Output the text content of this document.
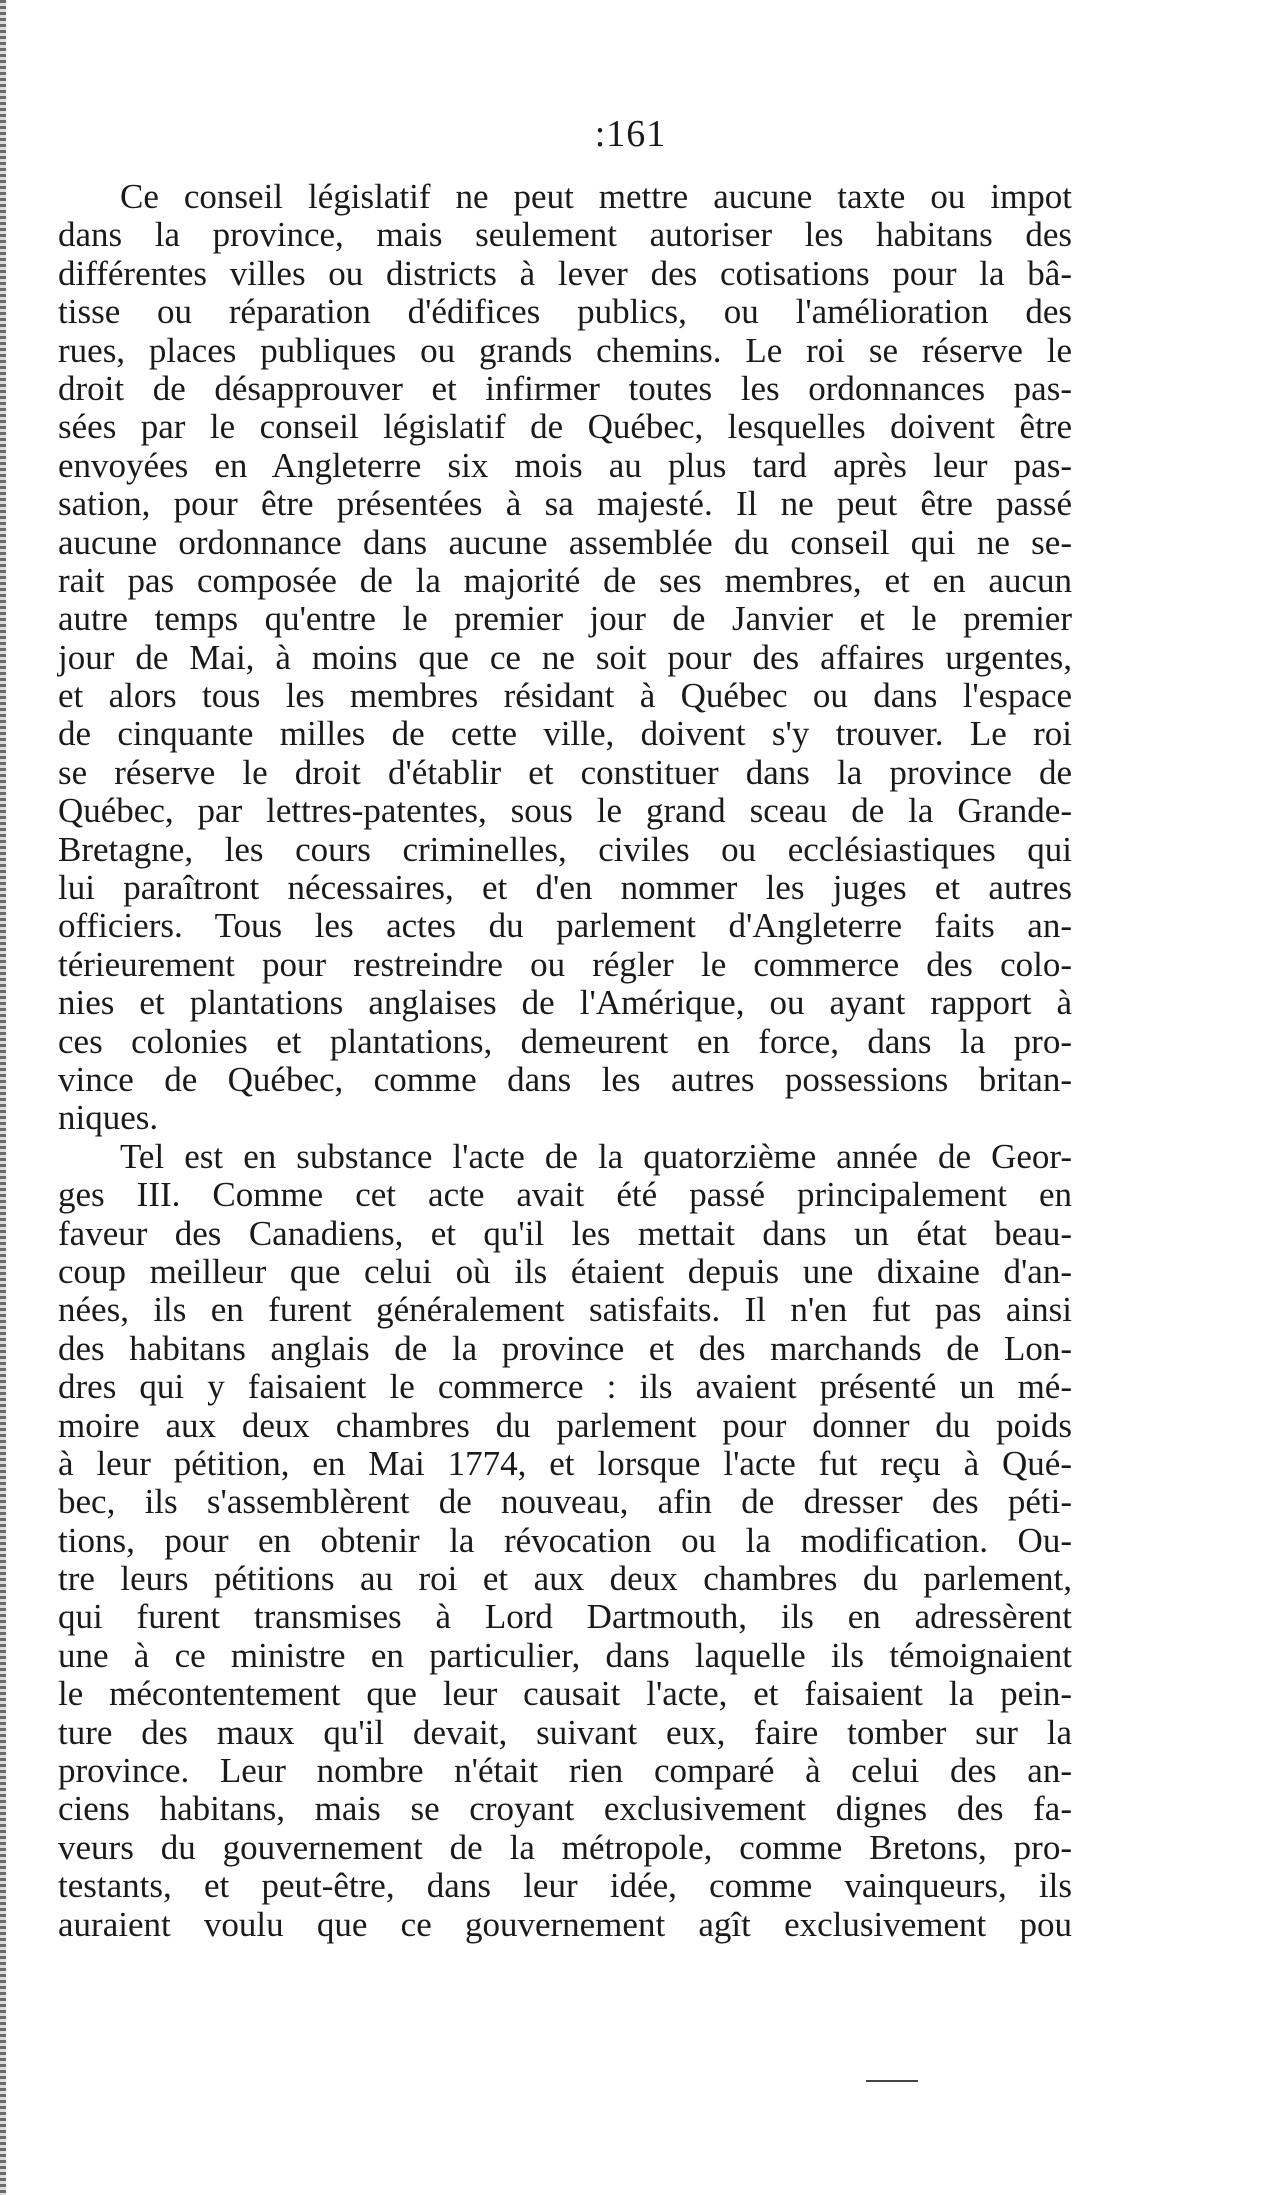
:161
Ce conseil législatif ne peut mettre aucune taxte ou impot
dans la province, mais seulement autoriser les habitans des
différentes villes ou districts à lever des cotisations pour la bâ-
tisse ou réparation d'édifices publics, ou l'amélioration des
rues, places publiques ou grands chemins. Le roi se réserve le
droit de désapprouver et infirmer toutes les ordonnances pas-
sées par le conseil législatif de Québec, lesquelles doivent être
envoyées en Angleterre six mois au plus tard après leur pas-
sation, pour être présentées à sa majesté. Il ne peut être passé
aucune ordonnance dans aucune assemblée du conseil qui ne se-
rait pas composée de la majorité de ses membres, et en aucun
autre temps qu'entre le premier jour de Janvier et le premier
jour de Mai, à moins que ce ne soit pour des affaires urgentes,
et alors tous les membres résidant à Québec ou dans l'espace
de cinquante milles de cette ville, doivent s'y trouver. Le roi
se réserve le droit d'établir et constituer dans la province de
Québec, par lettres-patentes, sous le grand sceau de la Grande-
Bretagne, les cours criminelles, civiles ou ecclésiastiques qui
lui paraîtront nécessaires, et d'en nommer les juges et autres
officiers. Tous les actes du parlement d'Angleterre faits an-
térieurement pour restreindre ou régler le commerce des colo-
nies et plantations anglaises de l'Amérique, ou ayant rapport à
ces colonies et plantations, demeurent en force, dans la pro-
vince de Québec, comme dans les autres possessions britan-
niques.
Tel est en substance l'acte de la quatorzième année de Geor-
ges III. Comme cet acte avait été passé principalement en
faveur des Canadiens, et qu'il les mettait dans un état beau-
coup meilleur que celui où ils étaient depuis une dixaine d'an-
nées, ils en furent généralement satisfaits. Il n'en fut pas ainsi
des habitans anglais de la province et des marchands de Lon-
dres qui y faisaient le commerce : ils avaient présenté un mé-
moire aux deux chambres du parlement pour donner du poids
à leur pétition, en Mai 1774, et lorsque l'acte fut reçu à Qué-
bec, ils s'assemblèrent de nouveau, afin de dresser des péti-
tions, pour en obtenir la révocation ou la modification. Ou-
tre leurs pétitions au roi et aux deux chambres du parlement,
qui furent transmises à Lord Dartmouth, ils en adressèrent
une à ce ministre en particulier, dans laquelle ils témoignaient
le mécontentement que leur causait l'acte, et faisaient la pein-
ture des maux qu'il devait, suivant eux, faire tomber sur la
province. Leur nombre n'était rien comparé à celui des an-
ciens habitans, mais se croyant exclusivement dignes des fa-
veurs du gouvernement de la métropole, comme Bretons, pro-
testants, et peut-être, dans leur idée, comme vainqueurs, ils
auraient voulu que ce gouvernement agît exclusivement pou
